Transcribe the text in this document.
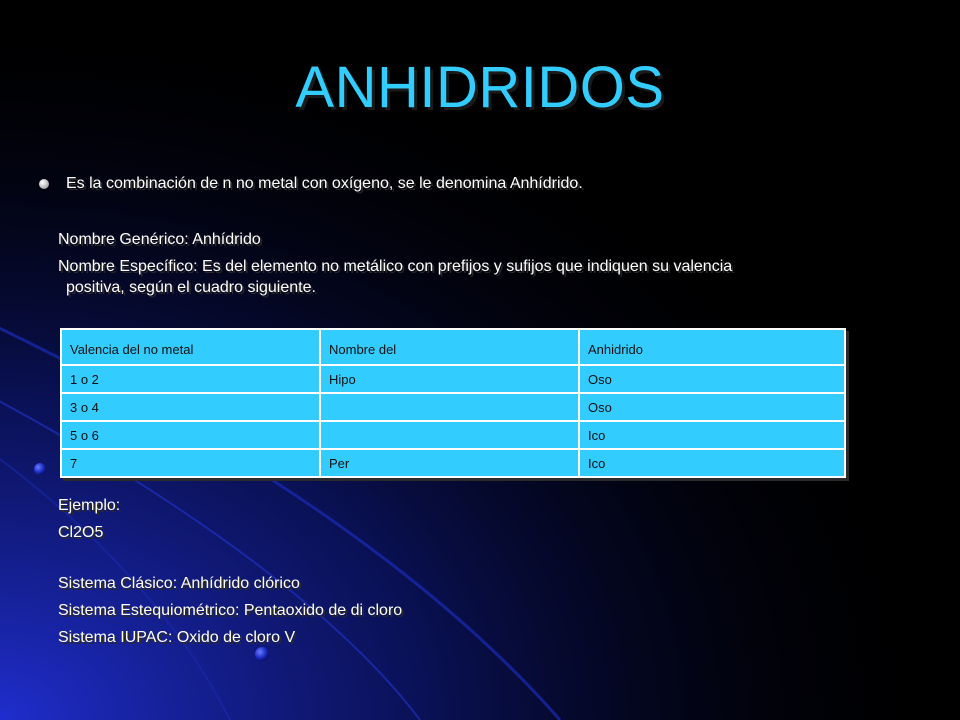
ANHIDRIDOS
Es la combinación de n no metal con oxígeno, se le denomina Anhídrido.
Nombre Genérico: Anhídrido
Nombre Específico: Es del elemento no metálico con prefijos y sufijos que indiquen su valencia
positiva, según el cuadro siguiente.
Valencia del no metal	Nombre del	Anhidrido
1 o 2	Hipo	Oso
3 o 4		Oso
5 o 6		Ico
7	Per	Ico
Ejemplo:
Cl2O5
Sistema Clásico: Anhídrido clórico
Sistema Estequiométrico: Pentaoxido de di cloro
Sistema IUPAC: Oxido de cloro V
